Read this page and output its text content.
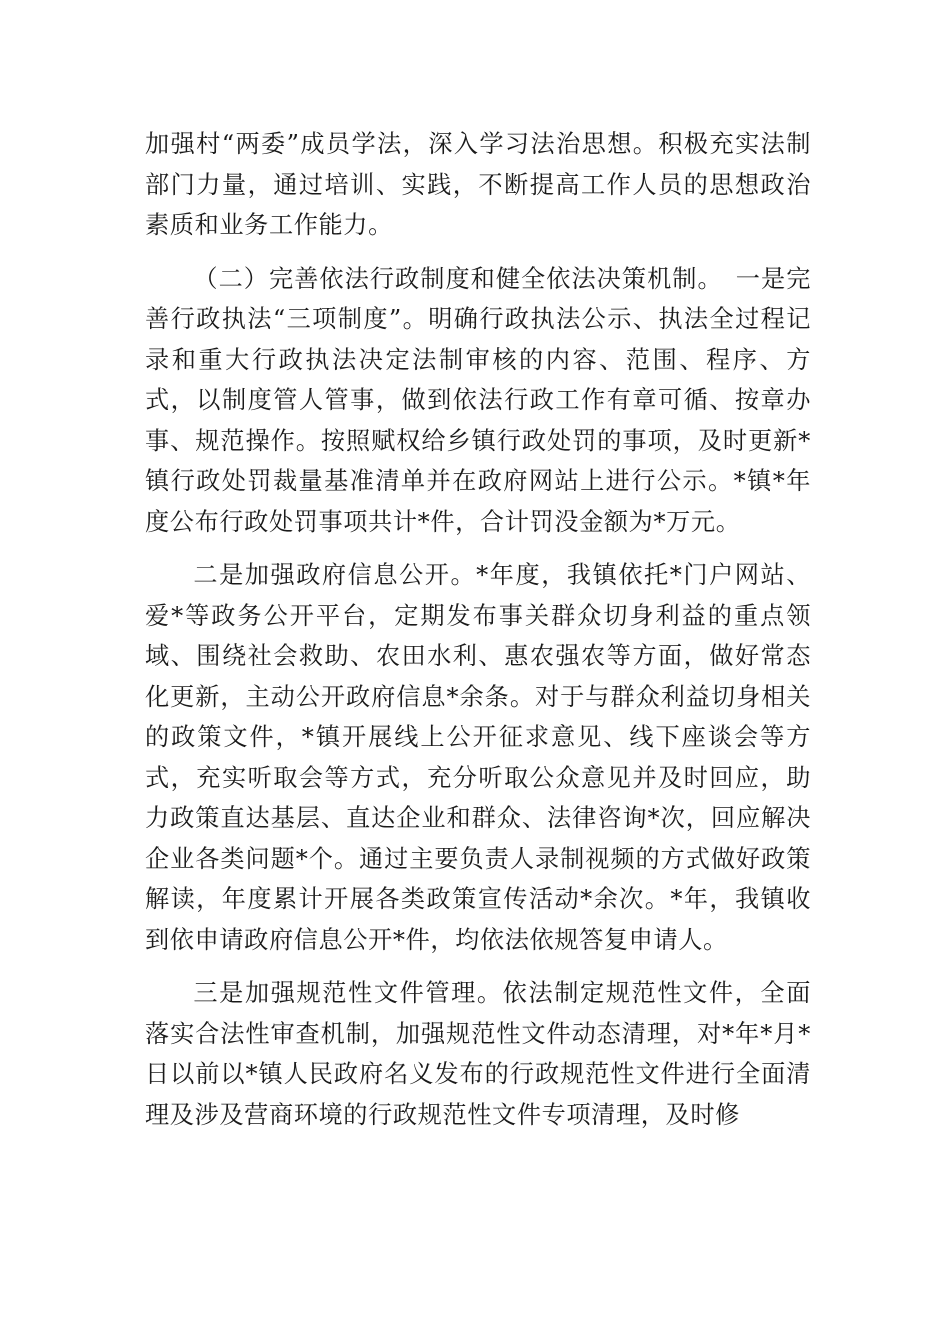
加强村“两委”成员学法，深入学习法治思想。积极充实法制部门力量，通过培训、实践，不断提高工作人员的思想政治素质和业务工作能力。

（二）完善依法行政制度和健全依法决策机制。　一是完善行政执法“三项制度”。明确行政执法公示、执法全过程记录和重大行政执法决定法制审核的内容、范围、程序、方式，以制度管人管事，做到依法行政工作有章可循、按章办事、规范操作。按照赋权给乡镇行政处罚的事项，及时更新*镇行政处罚裁量基准清单并在政府网站上进行公示。*镇*年度公布行政处罚事项共计*件，合计罚没金额为*万元。

二是加强政府信息公开。*年度，我镇依托*门户网站、爱*等政务公开平台，定期发布事关群众切身利益的重点领域、围绕社会救助、农田水利、惠农强农等方面，做好常态化更新，主动公开政府信息*余条。对于与群众利益切身相关的政策文件，*镇开展线上公开征求意见、线下座谈会等方式，充实听取会等方式，充分听取公众意见并及时回应，助力政策直达基层、直达企业和群众、法律咨询*次，回应解决企业各类问题*个。通过主要负责人录制视频的方式做好政策解读，年度累计开展各类政策宣传活动*余次。*年，我镇收到依申请政府信息公开*件，均依法依规答复申请人。

三是加强规范性文件管理。依法制定规范性文件，全面落实合法性审查机制，加强规范性文件动态清理，对*年*月*日以前以*镇人民政府名义发布的行政规范性文件进行全面清理及涉及营商环境的行政规范性文件专项清理，及时修
